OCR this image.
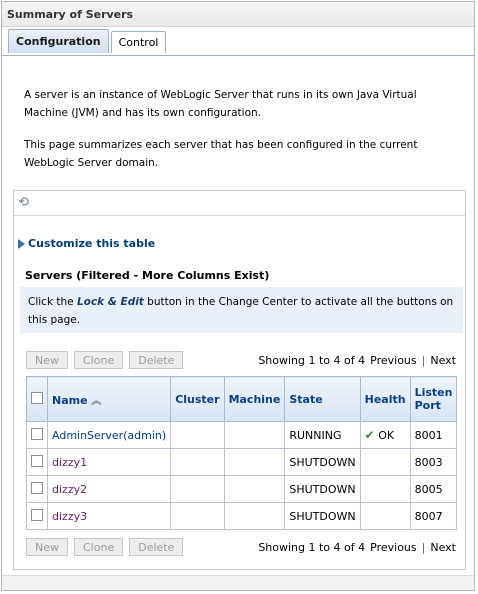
Summary of Servers
Configuration	Control
A server is an instance of WebLogic Server that runs in its own Java Virtual Machine (JVM) and has its own configuration.
This page summarizes each server that has been configured in the current WebLogic Server domain.
⟲
Customize this table
Servers (Filtered - More Columns Exist)
Click the Lock & Edit button in the Change Center to activate all the buttons on this page.
New	Clone	Delete	Showing 1 to 4 of 4 Previous | Next
	Name ︽	Cluster	Machine	State	Health	Listen Port
	AdminServer(admin)			RUNNING	✔ OK	8001
	dizzy1			SHUTDOWN		8003
	dizzy2			SHUTDOWN		8005
	dizzy3			SHUTDOWN		8007
New	Clone	Delete	Showing 1 to 4 of 4 Previous | Next
